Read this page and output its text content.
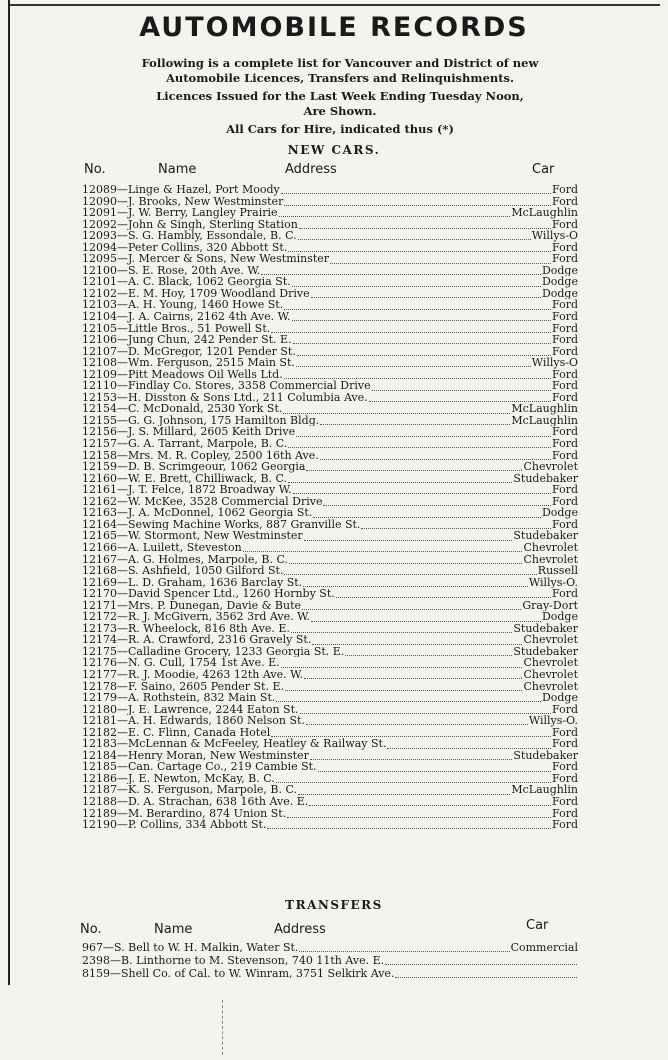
AUTOMOBILE RECORDS
Following is a complete list for Vancouver and District of new
Automobile Licences, Transfers and Relinquishments.
Licences Issued for the Last Week Ending Tuesday Noon,
Are Shown.
All Cars for Hire, indicated thus (*)
NEW CARS.
No.	Name	Address	Car
12089—Linge & Hazel, Port Moody	Ford
12090—J. Brooks, New Westminster	Ford
12091—J. W. Berry, Langley Prairie	McLaughlin
12092—John & Singh, Sterling Station	Ford
12093—S. G. Hambly, Essondale, B. C.	Willys-O
12094—Peter Collins, 320 Abbott St.	Ford
12095—J. Mercer & Sons, New Westminster	Ford
12100—S. E. Rose, 20th Ave. W.	Dodge
12101—A. C. Black, 1062 Georgia St.	Dodge
12102—E. M. Hoy, 1709 Woodland Drive	Dodge
12103—A. H. Young, 1460 Howe St.	Ford
12104—J. A. Cairns, 2162 4th Ave. W.	Ford
12105—Little Bros., 51 Powell St.	Ford
12106—Jung Chun, 242 Pender St. E.	Ford
12107—D. McGregor, 1201 Pender St.	Ford
12108—Wm. Ferguson, 2515 Main St.	Willys-O
12109—Pitt Meadows Oil Wells Ltd.	Ford
12110—Findlay Co. Stores, 3358 Commercial Drive	Ford
12153—H. Disston & Sons Ltd., 211 Columbia Ave.	Ford
12154—C. McDonald, 2530 York St.	McLaughlin
12155—G. G. Johnson, 175 Hamilton Bldg.	McLaughlin
12156—J. S. Millard, 2605 Keith Drive	Ford
12157—G. A. Tarrant, Marpole, B. C.	Ford
12158—Mrs. M. R. Copley, 2500 16th Ave.	Ford
12159—D. B. Scrimgeour, 1062 Georgia	Chevrolet
12160—W. E. Brett, Chilliwack, B. C.	Studebaker
12161—J. T. Felce, 1872 Broadway W.	Ford
12162—W. McKee, 3528 Commercial Drive	Ford
12163—J. A. McDonnel, 1062 Georgia St.	Dodge
12164—Sewing Machine Works, 887 Granville St.	Ford
12165—W. Stormont, New Westminster	Studebaker
12166—A. Luilett, Steveston	Chevrolet
12167—A. G. Holmes, Marpole, B. C.	Chevrolet
12168—S. Ashfield, 1050 Gilford St.	Russell
12169—L. D. Graham, 1636 Barclay St.	Willys-O.
12170—David Spencer Ltd., 1260 Hornby St.	Ford
12171—Mrs. P. Dunegan, Davie & Bute	Gray-Dort
12172—R. J. McGivern, 3562 3rd Ave. W.	Dodge
12173—R. Wheelock, 816 8th Ave. E.	Studebaker
12174—R. A. Crawford, 2316 Gravely St.	Chevrolet
12175—Calladine Grocery, 1233 Georgia St. E.	Studebaker
12176—N. G. Cull, 1754 1st Ave. E.	Chevrolet
12177—R. J. Moodie, 4263 12th Ave. W.	Chevrolet
12178—F. Saino, 2605 Pender St. E.	Chevrolet
12179—A. Rothstein, 832 Main St.	Dodge
12180—J. E. Lawrence, 2244 Eaton St.	Ford
12181—A. H. Edwards, 1860 Nelson St.	Willys-O.
12182—E. C. Flinn, Canada Hotel	Ford
12183—McLennan & McFeeley, Heatley & Railway St.	Ford
12184—Henry Moran, New Westminster	Studebaker
12185—Can. Cartage Co., 219 Cambie St.	Ford
12186—J. E. Newton, McKay, B. C.	Ford
12187—K. S. Ferguson, Marpole, B. C.	McLaughlin
12188—D. A. Strachan, 638 16th Ave. E.	Ford
12189—M. Berardino, 874 Union St.	Ford
12190—P. Collins, 334 Abbott St.	Ford
TRANSFERS
No.	Name	Address	Car
967—S. Bell to W. H. Malkin, Water St.	Commercial
2398—B. Linthorne to M. Stevenson, 740 11th Ave. E.
8159—Shell Co. of Cal. to W. Winram, 3751 Selkirk Ave.
